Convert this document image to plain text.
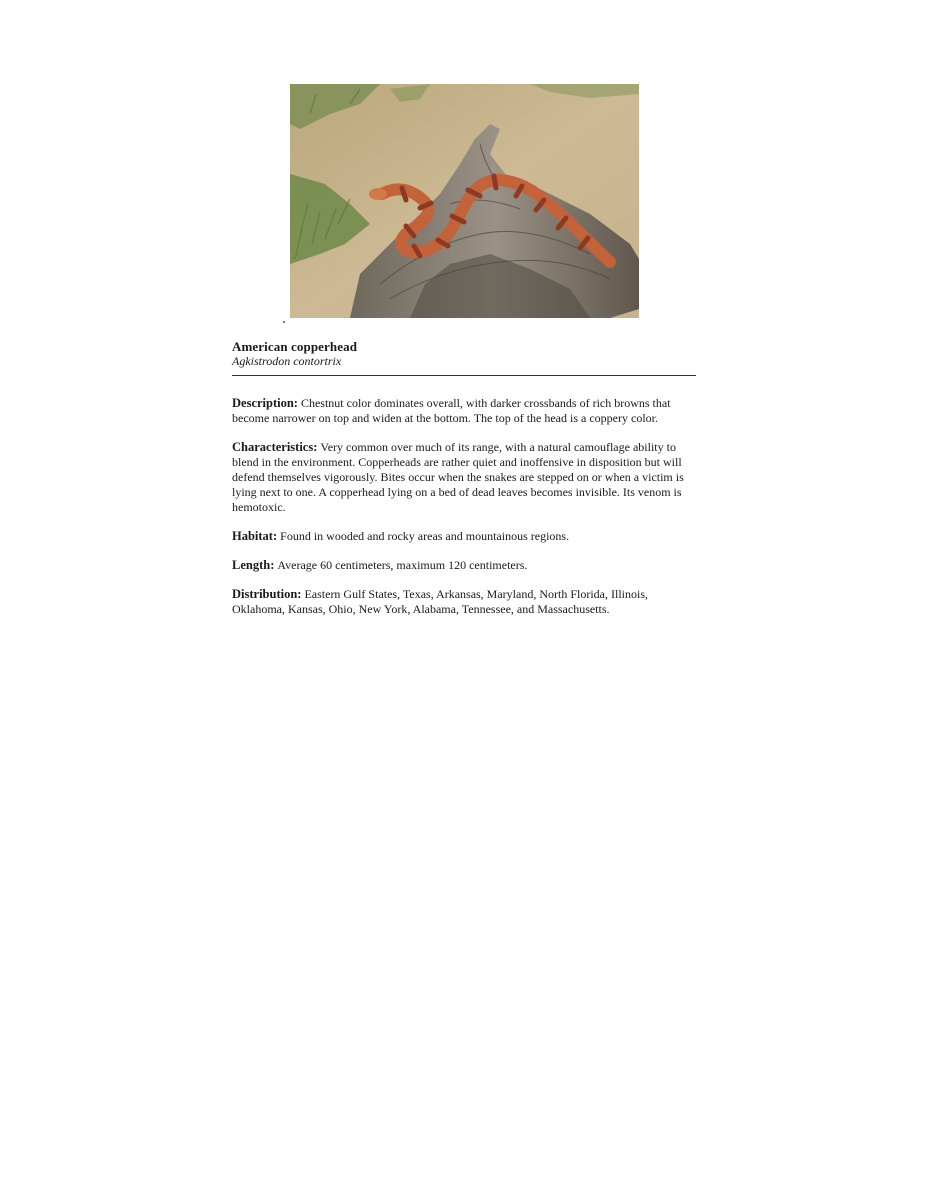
American copperhead
Agkistrodon contortrix

Description: Chestnut color dominates overall, with darker crossbands of rich browns that become narrower on top and widen at the bottom. The top of the head is a coppery color.

Characteristics: Very common over much of its range, with a natural camouflage ability to blend in the environment. Copperheads are rather quiet and inoffensive in disposition but will defend themselves vigorously. Bites occur when the snakes are stepped on or when a victim is lying next to one. A copperhead lying on a bed of dead leaves becomes invisible. Its venom is hemotoxic.

Habitat: Found in wooded and rocky areas and mountainous regions.

Length: Average 60 centimeters, maximum 120 centimeters.

Distribution: Eastern Gulf States, Texas, Arkansas, Maryland, North Florida, Illinois, Oklahoma, Kansas, Ohio, New York, Alabama, Tennessee, and Massachusetts.
